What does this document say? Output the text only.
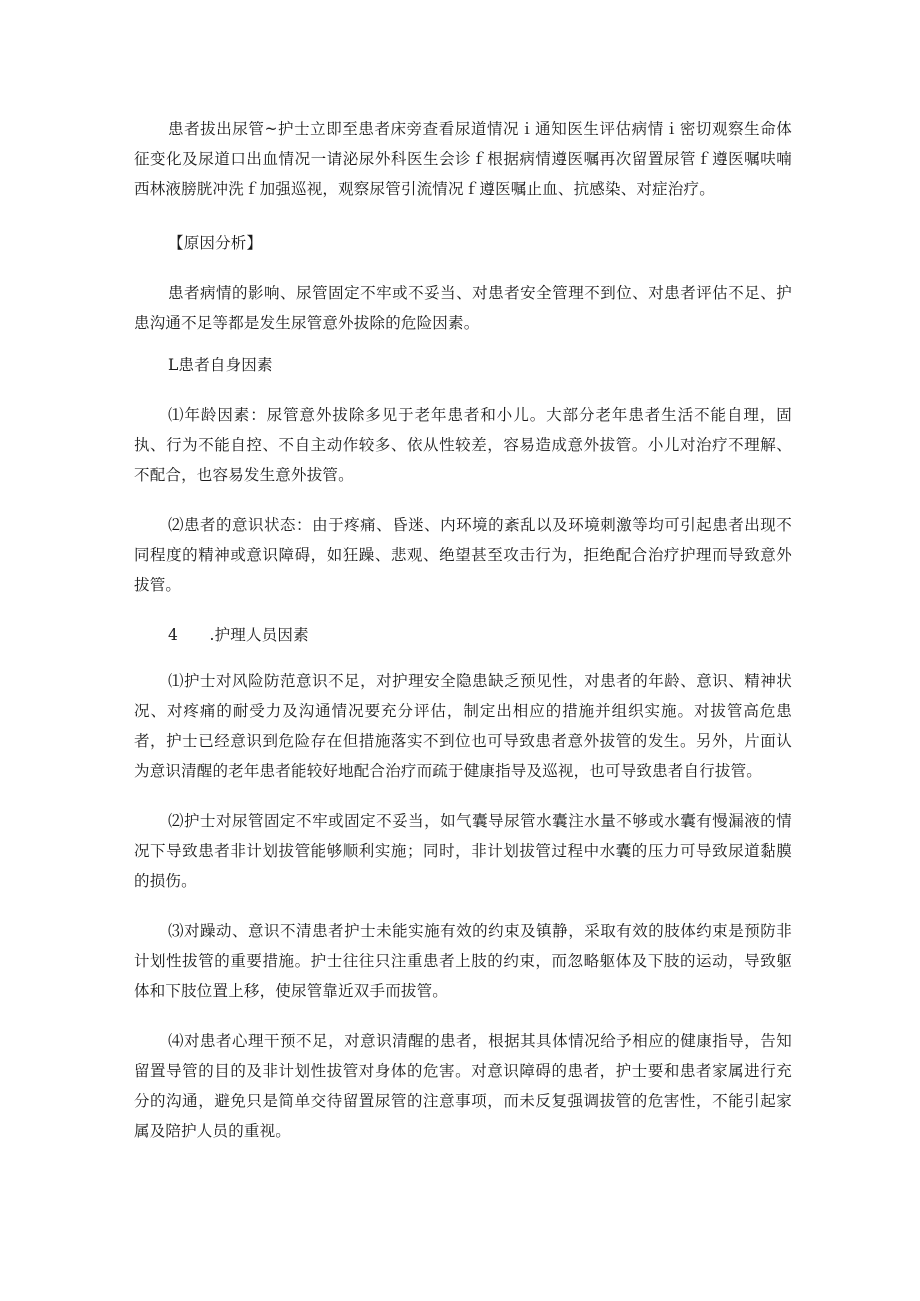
患者拔出尿管~护士立即至患者床旁查看尿道情况ｉ通知医生评估病情ｉ密切观察生命体征变化及尿道口出血情况一请泌尿外科医生会诊ｆ根据病情遵医嘱再次留置尿管ｆ遵医嘱呋喃西林液膀胱冲洗ｆ加强巡视，观察尿管引流情况ｆ遵医嘱止血、抗感染、对症治疗。

【原因分析】

患者病情的影响、尿管固定不牢或不妥当、对患者安全管理不到位、对患者评估不足、护患沟通不足等都是发生尿管意外拔除的危险因素。

L患者自身因素

⑴年龄因素：尿管意外拔除多见于老年患者和小儿。大部分老年患者生活不能自理，固执、行为不能自控、不自主动作较多、依从性较差，容易造成意外拔管。小儿对治疗不理解、不配合，也容易发生意外拔管。

⑵患者的意识状态：由于疼痛、昏迷、内环境的紊乱以及环境刺激等均可引起患者出现不同程度的精神或意识障碍，如狂躁、悲观、绝望甚至攻击行为，拒绝配合治疗护理而导致意外拔管。

4　　.护理人员因素

⑴护士对风险防范意识不足，对护理安全隐患缺乏预见性，对患者的年龄、意识、精神状况、对疼痛的耐受力及沟通情况要充分评估，制定出相应的措施并组织实施。对拔管高危患者，护士已经意识到危险存在但措施落实不到位也可导致患者意外拔管的发生。另外，片面认为意识清醒的老年患者能较好地配合治疗而疏于健康指导及巡视，也可导致患者自行拔管。

⑵护士对尿管固定不牢或固定不妥当，如气囊导尿管水囊注水量不够或水囊有慢漏液的情况下导致患者非计划拔管能够顺利实施；同时，非计划拔管过程中水囊的压力可导致尿道黏膜的损伤。

⑶对躁动、意识不清患者护士未能实施有效的约束及镇静，采取有效的肢体约束是预防非计划性拔管的重要措施。护士往往只注重患者上肢的约束，而忽略躯体及下肢的运动，导致躯体和下肢位置上移，使尿管靠近双手而拔管。

⑷对患者心理干预不足，对意识清醒的患者，根据其具体情况给予相应的健康指导，告知留置导管的目的及非计划性拔管对身体的危害。对意识障碍的患者，护士要和患者家属进行充分的沟通，避免只是简单交待留置尿管的注意事项，而未反复强调拔管的危害性，不能引起家属及陪护人员的重视。
